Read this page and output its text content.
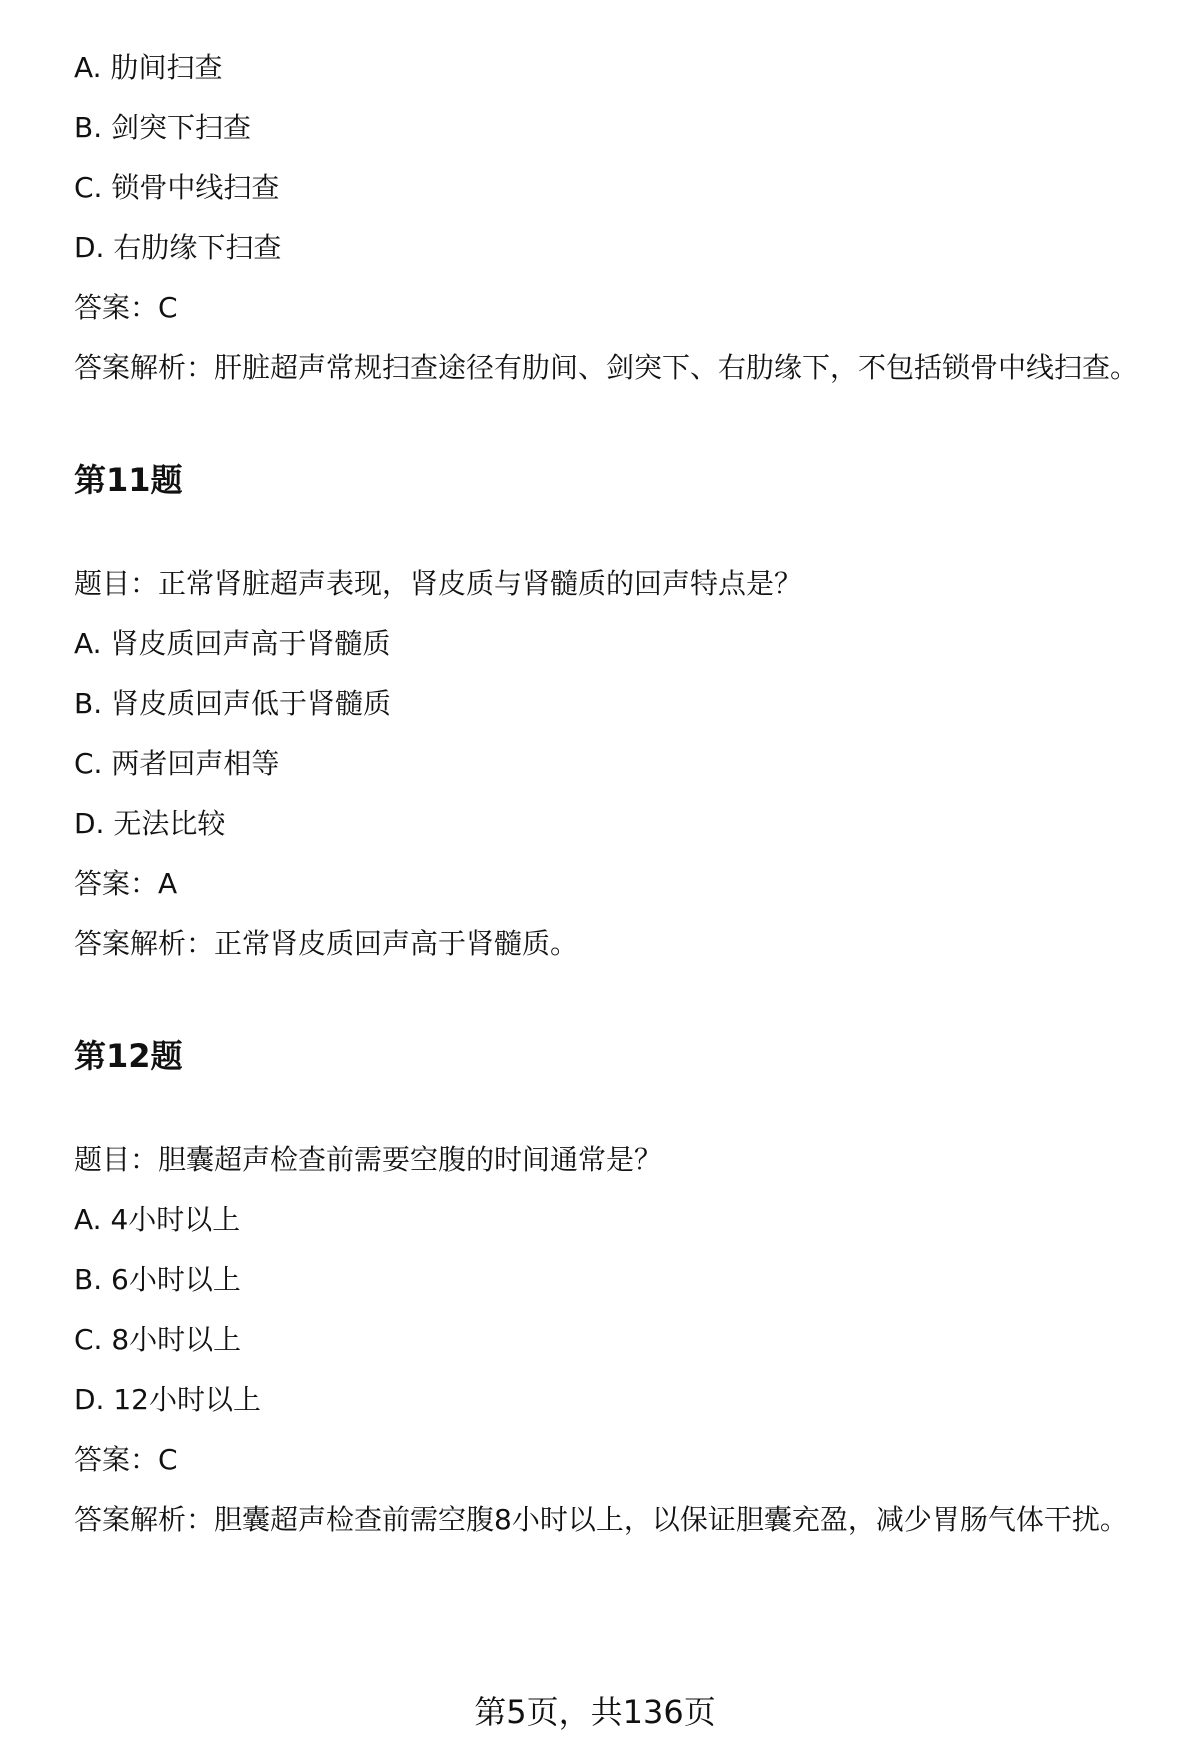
A. 肋间扫查

B. 剑突下扫查

C. 锁骨中线扫查

D. 右肋缘下扫查

答案：C

答案解析：肝脏超声常规扫查途径有肋间、剑突下、右肋缘下，不包括锁骨中线扫查。

第11题

题目：正常肾脏超声表现，肾皮质与肾髓质的回声特点是？

A. 肾皮质回声高于肾髓质

B. 肾皮质回声低于肾髓质

C. 两者回声相等

D. 无法比较

答案：A

答案解析：正常肾皮质回声高于肾髓质。

第12题

题目：胆囊超声检查前需要空腹的时间通常是？

A. 4小时以上

B. 6小时以上

C. 8小时以上

D. 12小时以上

答案：C

答案解析：胆囊超声检查前需空腹8小时以上，以保证胆囊充盈，减少胃肠气体干扰。

第5页，共136页
